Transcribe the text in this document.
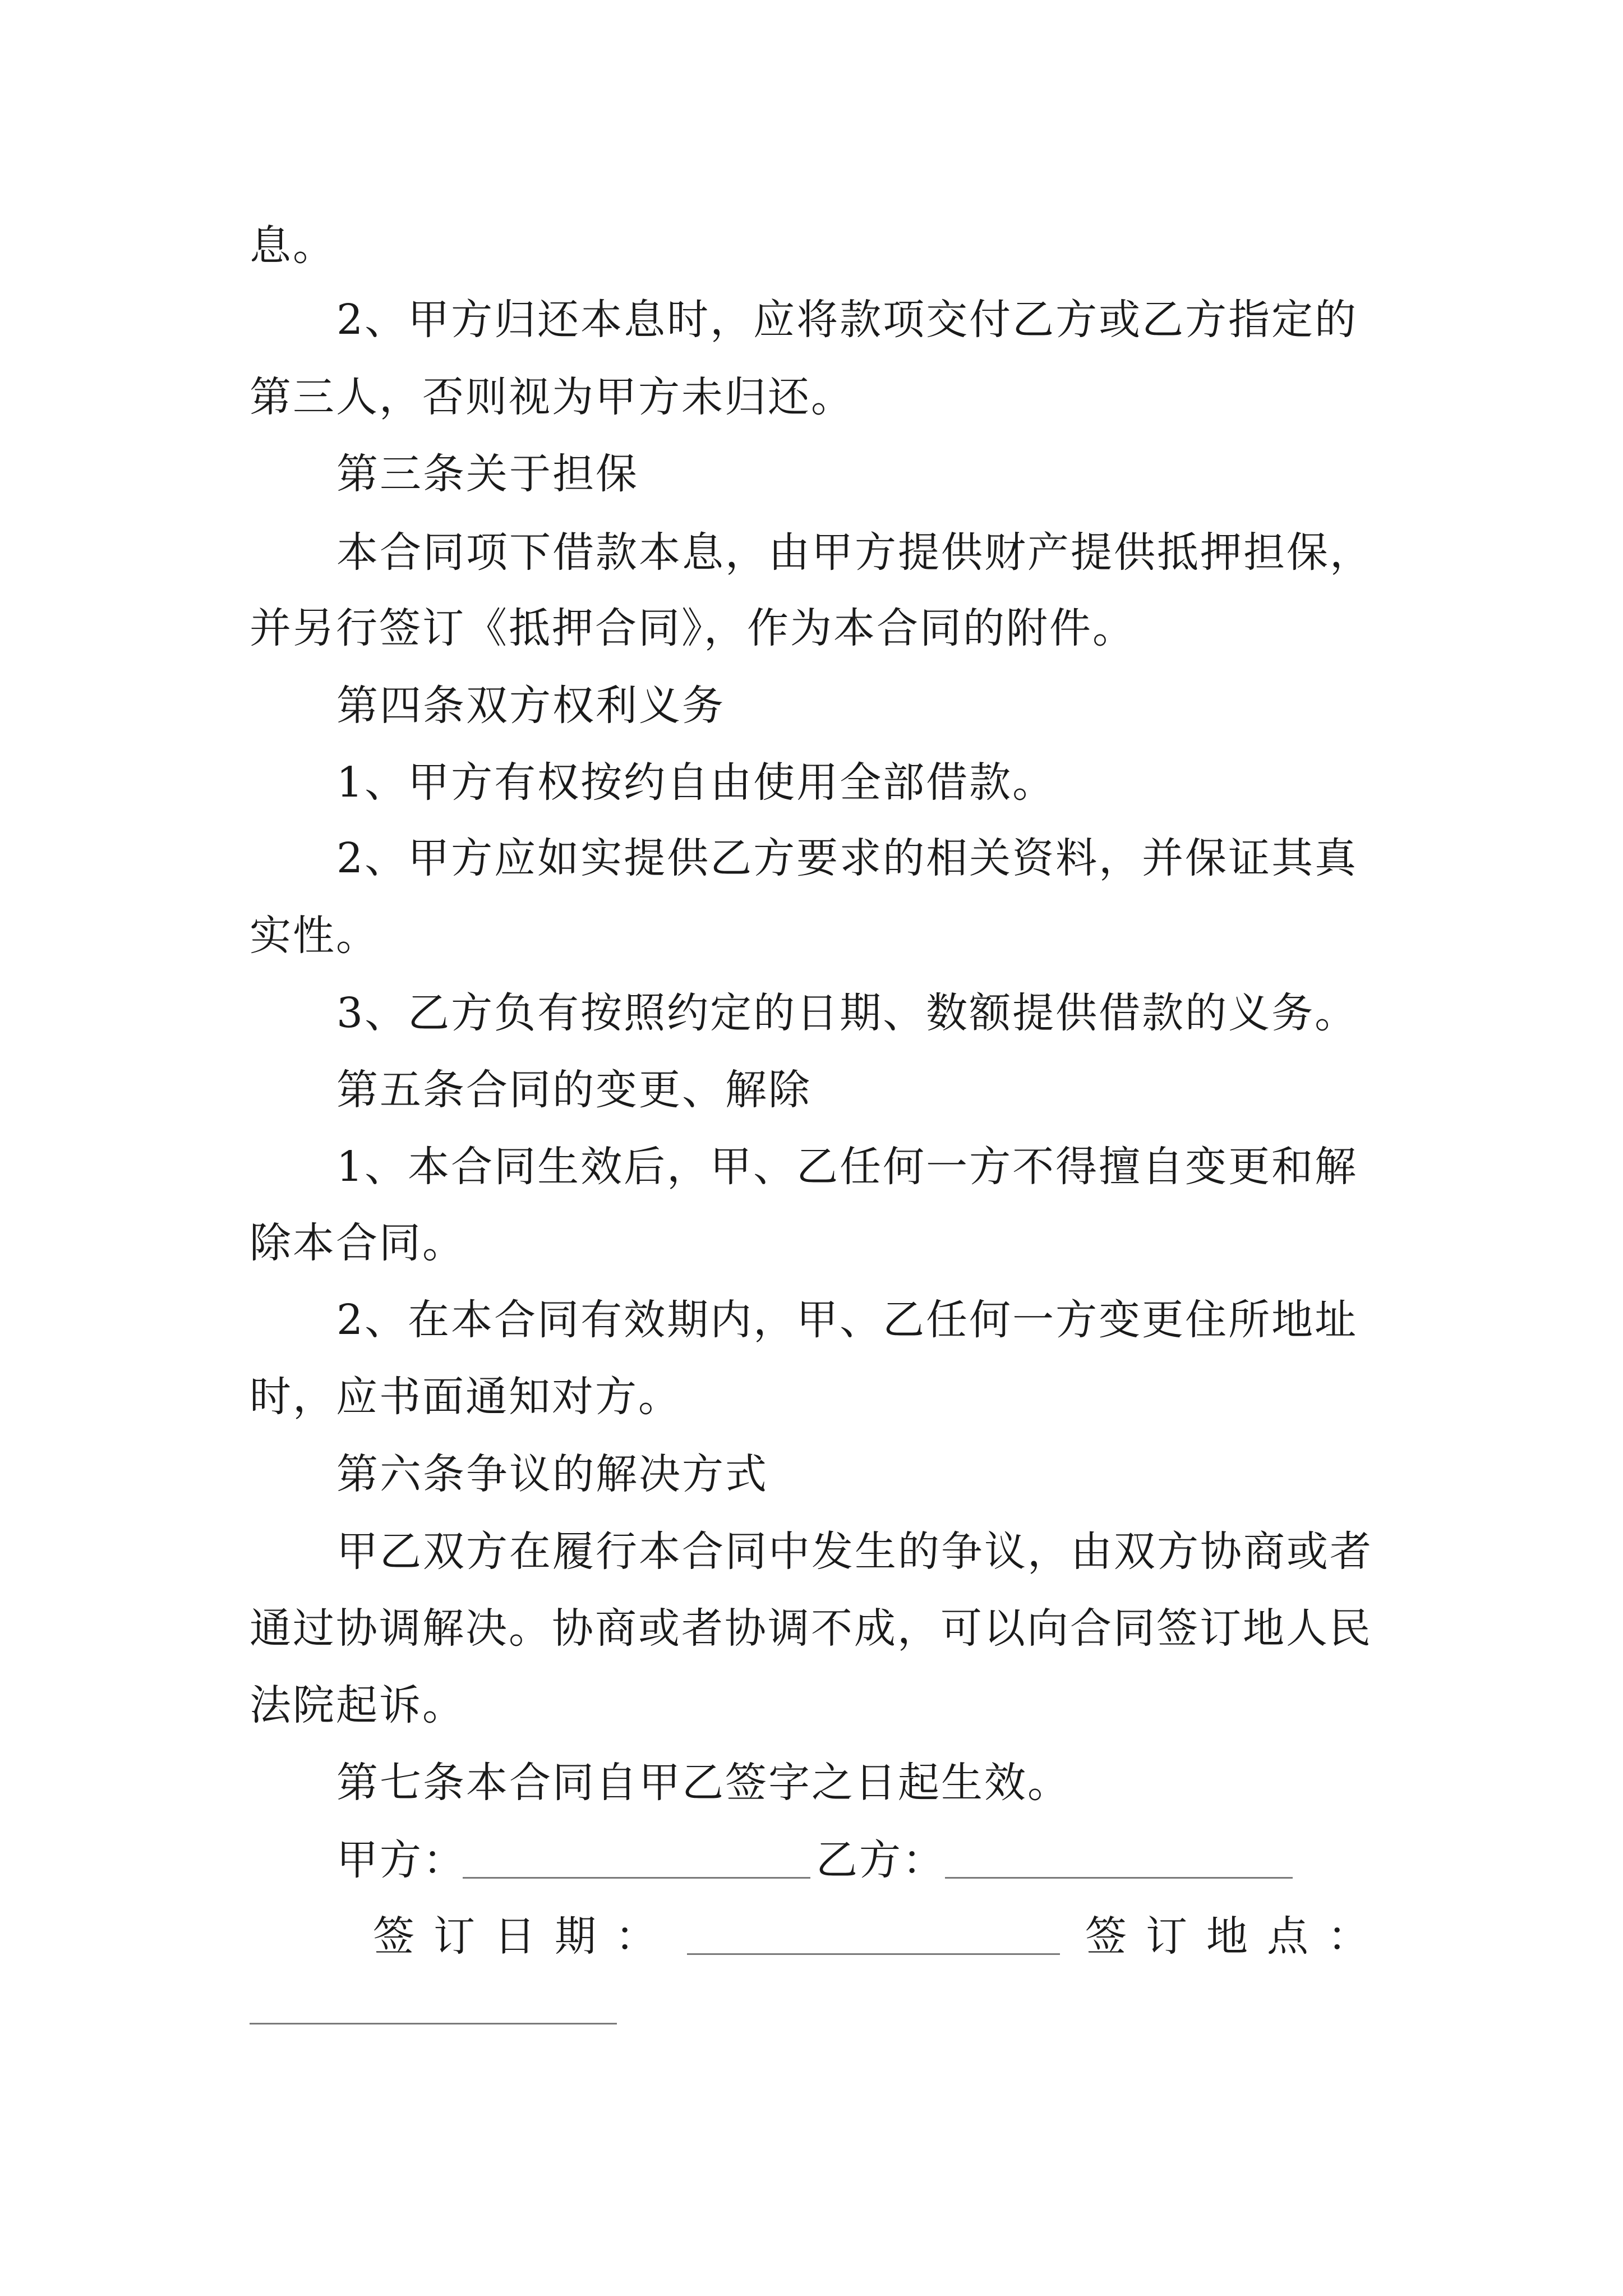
息。
2、甲方归还本息时，应将款项交付乙方或乙方指定的
第三人，否则视为甲方未归还。
第三条关于担保
本合同项下借款本息，由甲方提供财产提供抵押担保，
并另行签订《抵押合同》，作为本合同的附件。
第四条双方权利义务
1、甲方有权按约自由使用全部借款。
2、甲方应如实提供乙方要求的相关资料，并保证其真
实性。
3、乙方负有按照约定的日期、数额提供借款的义务。
第五条合同的变更、解除
1、本合同生效后，甲、乙任何一方不得擅自变更和解
除本合同。
2、在本合同有效期内，甲、乙任何一方变更住所地址
时，应书面通知对方。
第六条争议的解决方式
甲乙双方在履行本合同中发生的争议，由双方协商或者
通过协调解决。协商或者协调不成，可以向合同签订地人民
法院起诉。
第七条本合同自甲乙签字之日起生效。
甲方：	乙方：
签订日期：	签订地点：
